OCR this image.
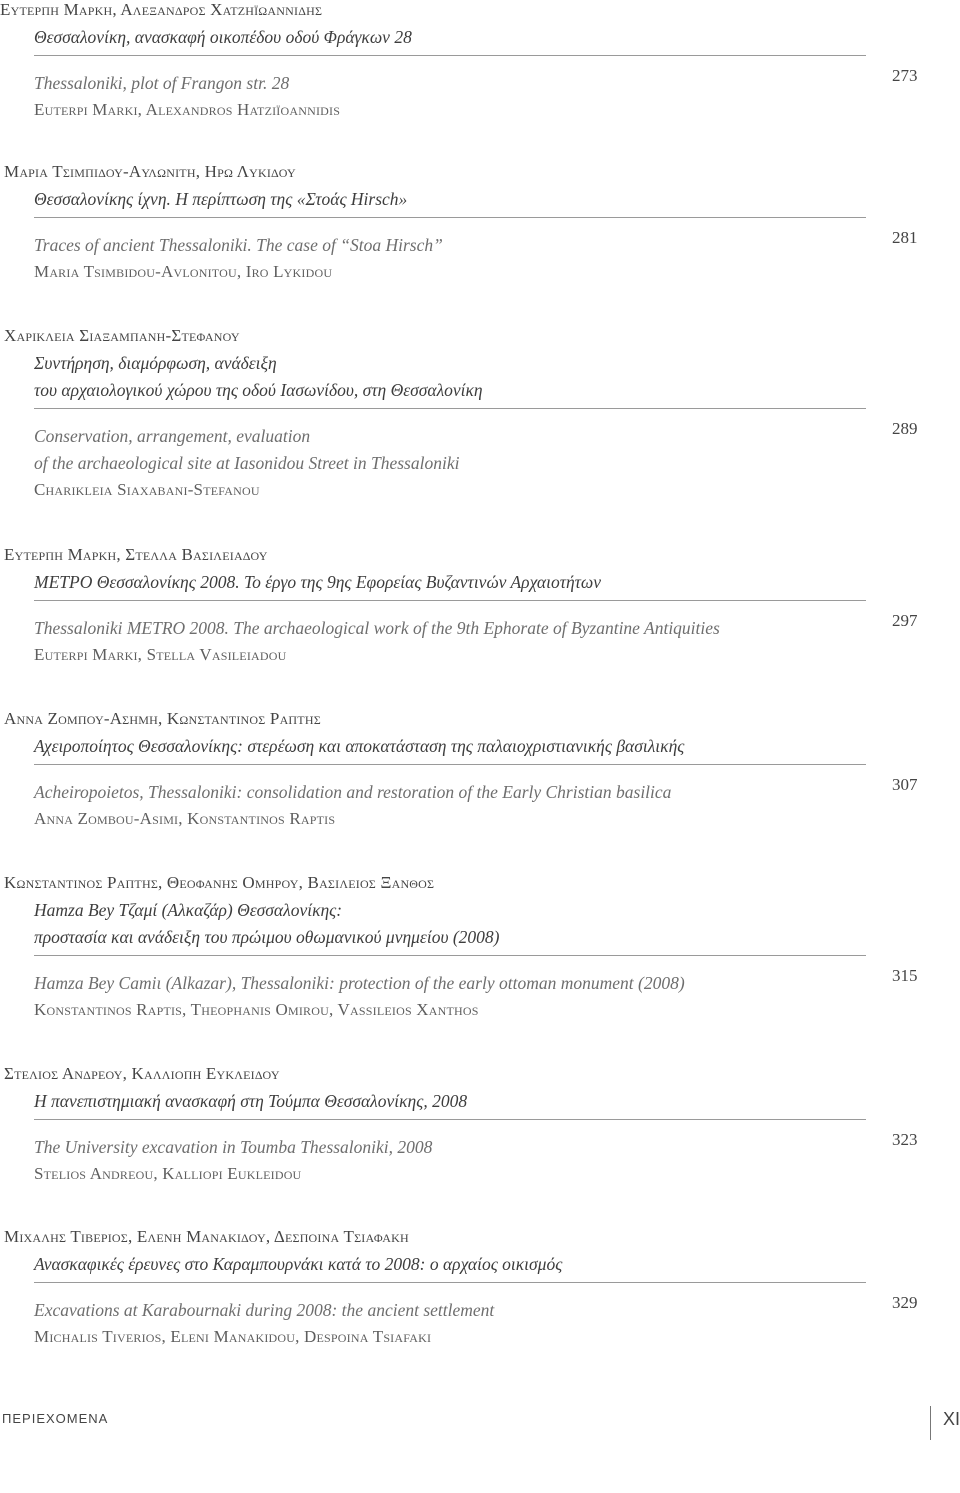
Ευτερπη Μαρκη, Αλεξανδρος Χατζηϊωαννιδης
Θεσσαλονίκη, ανασκαφή οικοπέδου οδού Φράγκων 28
273
Thessaloniki, plot of Frangon str. 28
Euterpi Marki, Alexandros Hatziïoannidis
Μαρια Τσιμπιδου-Αυλωνιτη, Ηρω Λυκιδου
Θεσσαλονίκης ίχνη. Η περίπτωση της «Στοάς Hirsch»
281
Traces of ancient Thessaloniki. The case of “Stoa Hirsch”
Maria Tsimbidou-Avlonitou, Iro Lykidou
Χαρικλεια Σιαξαμπανη-Στεφανου
Συντήρηση, διαμόρφωση, ανάδειξη
του αρχαιολογικού χώρου της οδού Ιασωνίδου, στη Θεσσαλονίκη
289
Conservation, arrangement, evaluation
of the archaeological site at Iasonidou Street in Thessaloniki
Charikleia Siaxabani-Stefanou
Ευτερπη Μαρκη, Στελλα Βασιλειαδου
ΜΕΤΡΟ Θεσσαλονίκης 2008. Το έργο της 9ης Εφορείας Βυζαντινών Αρχαιοτήτων
297
Thessaloniki METRO 2008. The archaeological work of the 9th Ephorate of Byzantine Antiquities
Euterpi Marki, Stella Vasileiadou
Αννα Ζομπου-Ασημη, Κωνσταντινος Ραπτης
Αχειροποίητος Θεσσαλονίκης: στερέωση και αποκατάσταση της παλαιοχριστιανικής βασιλικής
307
Acheiropoietos, Thessaloniki: consolidation and restoration of the Early Christian basilica
Anna Zombou-Asimi, Konstantinos Raptis
Κωνσταντινος Ραπτης, Θεοφανης Ομηρου, Βασιλειος Ξανθος
Hamza Bey Τζαμί (Αλκαζάρ) Θεσσαλονίκης:
προστασία και ανάδειξη του πρώιμου οθωμανικού μνημείου (2008)
315
Hamza Bey Camiι (Alkazar), Thessaloniki: protection of the early ottoman monument (2008)
Konstantinos Raptis, Theophanis Omirou, Vassileios Xanthos
Στελιος Ανδρεου, Καλλιοπη Ευκλειδου
Η πανεπιστημιακή ανασκαφή στη Τούμπα Θεσσαλονίκης, 2008
323
The University excavation in Toumba Thessaloniki, 2008
Stelios Andreou, Kalliopi Eukleidou
Μιχαλης Τιβεριος, Ελενη Μανακιδου, Δεσποινα Τσιαφακη
Ανασκαφικές έρευνες στο Καραμπουρνάκι κατά το 2008: ο αρχαίος οικισμός
329
Excavations at Karabournaki during 2008: the ancient settlement
Michalis Tiverios, Eleni Manakidou, Despoina Tsiafaki
ΠΕΡΙΕΧΟΜΕΝΑ	XI
